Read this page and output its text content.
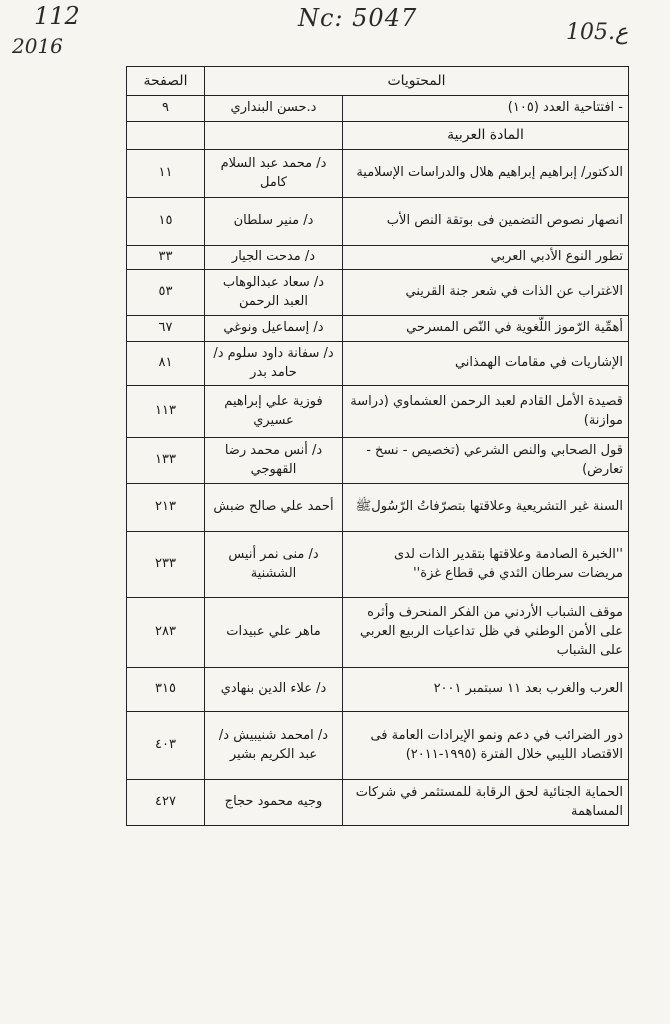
112
2016
Nc: 5047
105.ع
المحتويات		الصفحة
- افتتاحية العدد (١٠٥)	د.حسن البنداري	٩
المادة العربية		
الدكتور/ إبراهيم إبراهيم هلال والدراسات الإسلامية	د/ محمد عبد السلام كامل	١١
انصهار نصوص التضمين فى بوتقة النص الأب	د/ منير سلطان	١٥
تطور النوع الأدبي العربي	د/ مدحت الجيار	٣٣
الاغتراب عن الذات في شعر جنة القريني	د/ سعاد عبدالوهاب العبد الرحمن	٥٣
أهمِّية الرّموز اللّغوية في النّص المسرحي	د/ إسماعيل ونوغي	٦٧
الإشاريات في مقامات الهمذاني	د/ سفانة داود سلوم د/ حامد بدر	٨١
قصيدة الأمل القادم لعبد الرحمن العشماوي (دراسة موازنة)	فوزية علي إبراهيم عسيري	١١٣
قول الصحابي والنص الشرعي (تخصيص - نسخ - تعارض)	د/ أنس محمد رضا القهوجي	١٣٣
السنة غير التشريعية وعلاقتها بتصرّفاتُ الرّسُولﷺ	أحمد علي صالح ضبش	٢١٣
''الخبرة الصادمة وعلاقتها بتقدير الذات لدى مريضات سرطان الثدي في قطاع غزة''	د/ منى نمر أنيس الششنية	٢٣٣
موقف الشباب الأردني من الفكر المنحرف وأثره على الأمن الوطني في ظل تداعيات الربيع العربي على الشباب	ماهر علي عبيدات	٢٨٣
العرب والغرب بعد ١١ سبتمبر ٢٠٠١	د/ علاء الدين بنهادي	٣١٥
دور الضرائب في دعم ونمو الإيرادات العامة فى الاقتصاد الليبي خلال الفترة (١٩٩٥-٢٠١١)	د/ امحمد شنيبيش د/عبد الكريم بشير	٤٠٣
الحماية الجنائية لحق الرقابة للمستثمر في شركات المساهمة	وجيه محمود حجاج	٤٢٧
